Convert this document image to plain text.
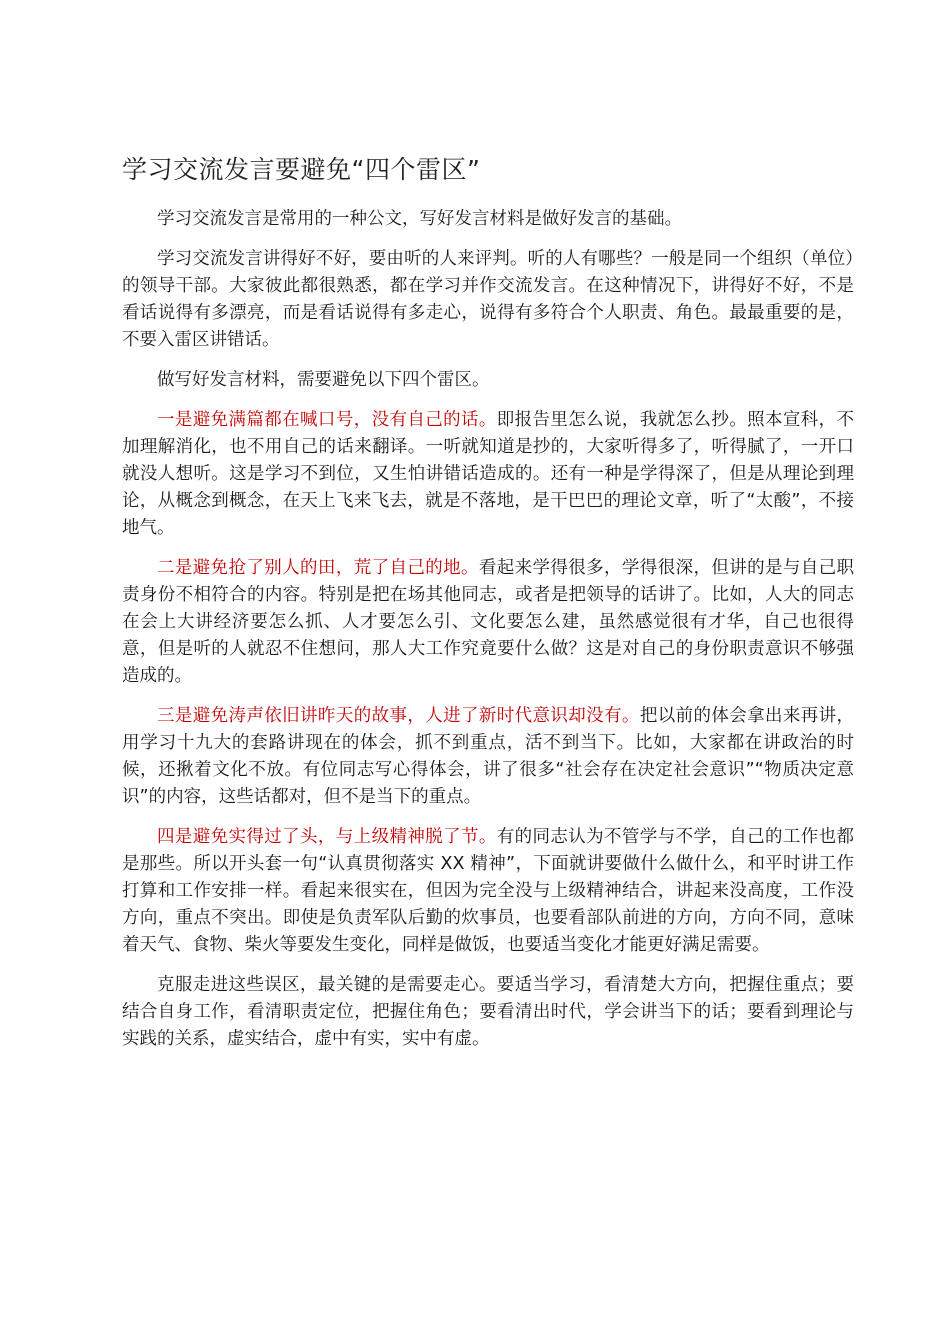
学习交流发言要避免“四个雷区”

学习交流发言是常用的一种公文，写好发言材料是做好发言的基础。

学习交流发言讲得好不好，要由听的人来评判。听的人有哪些？一般是同一个组织（单位）的领导干部。大家彼此都很熟悉，都在学习并作交流发言。在这种情况下，讲得好不好，不是看话说得有多漂亮，而是看话说得有多走心，说得有多符合个人职责、角色。最最重要的是，不要入雷区讲错话。

做写好发言材料，需要避免以下四个雷区。

一是避免满篇都在喊口号，没有自己的话。即报告里怎么说，我就怎么抄。照本宣科，不加理解消化，也不用自己的话来翻译。一听就知道是抄的，大家听得多了，听得腻了，一开口就没人想听。这是学习不到位，又生怕讲错话造成的。还有一种是学得深了，但是从理论到理论，从概念到概念，在天上飞来飞去，就是不落地，是干巴巴的理论文章，听了“太酸”，不接地气。

二是避免抢了别人的田，荒了自己的地。看起来学得很多，学得很深，但讲的是与自己职责身份不相符合的内容。特别是把在场其他同志，或者是把领导的话讲了。比如，人大的同志在会上大讲经济要怎么抓、人才要怎么引、文化要怎么建，虽然感觉很有才华，自己也很得意，但是听的人就忍不住想问，那人大工作究竟要什么做？这是对自己的身份职责意识不够强造成的。

三是避免涛声依旧讲昨天的故事，人进了新时代意识却没有。把以前的体会拿出来再讲，用学习十九大的套路讲现在的体会，抓不到重点，活不到当下。比如，大家都在讲政治的时候，还揪着文化不放。有位同志写心得体会，讲了很多“社会存在决定社会意识”“物质决定意识”的内容，这些话都对，但不是当下的重点。

四是避免实得过了头，与上级精神脱了节。有的同志认为不管学与不学，自己的工作也都是那些。所以开头套一句“认真贯彻落实 XX 精神”，下面就讲要做什么做什么，和平时讲工作打算和工作安排一样。看起来很实在，但因为完全没与上级精神结合，讲起来没高度，工作没方向，重点不突出。即使是负责军队后勤的炊事员，也要看部队前进的方向，方向不同，意味着天气、食物、柴火等要发生变化，同样是做饭，也要适当变化才能更好满足需要。

克服走进这些误区，最关键的是需要走心。要适当学习，看清楚大方向，把握住重点；要结合自身工作，看清职责定位，把握住角色；要看清出时代，学会讲当下的话；要看到理论与实践的关系，虚实结合，虚中有实，实中有虚。
